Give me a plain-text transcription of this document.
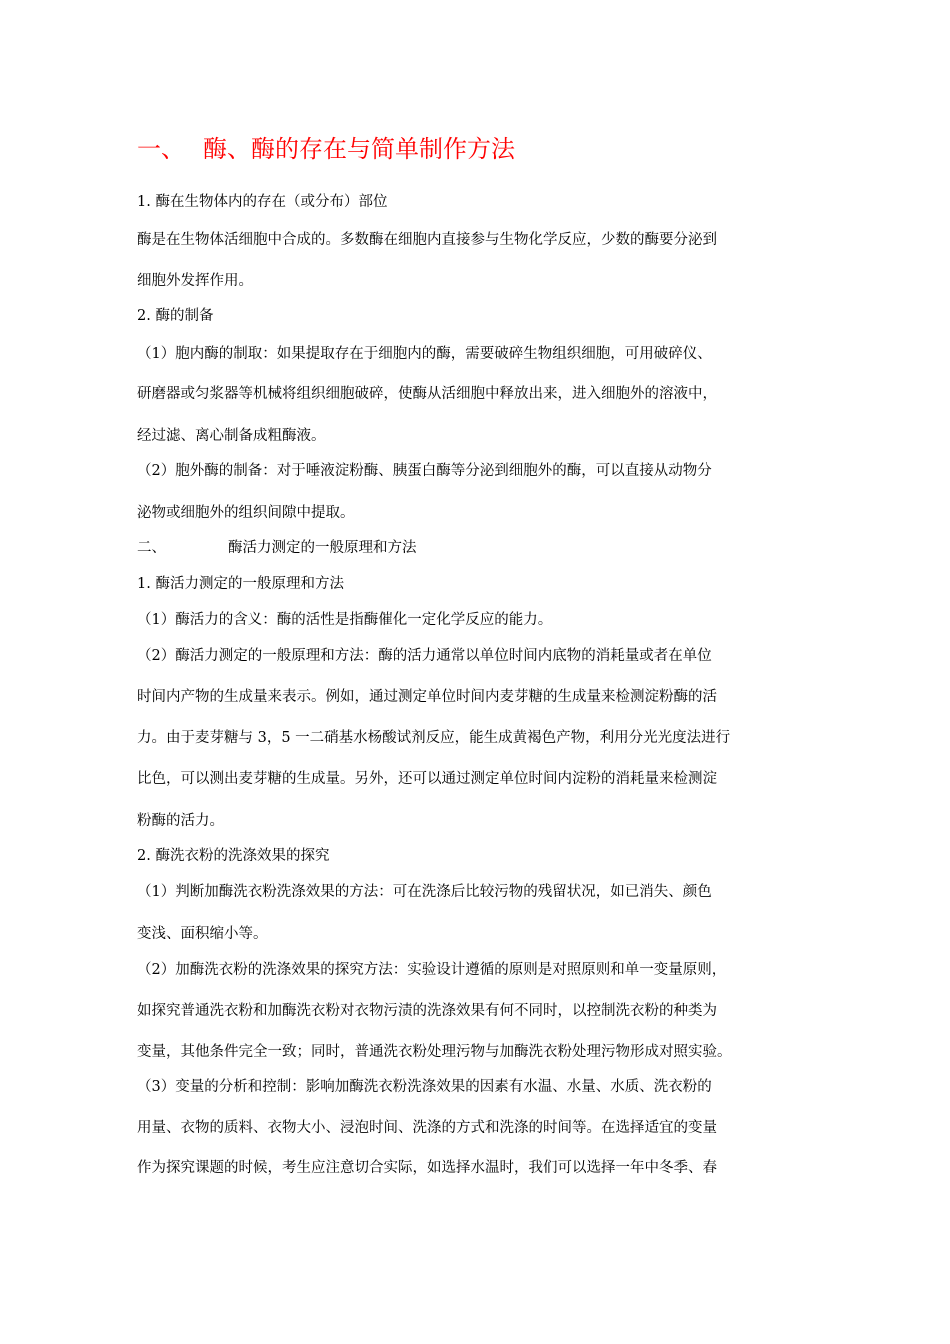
一、 酶、酶的存在与简单制作方法
1. 酶在生物体内的存在（或分布）部位
酶是在生物体活细胞中合成的。多数酶在细胞内直接参与生物化学反应，少数的酶要分泌到
细胞外发挥作用。
2. 酶的制备
（1）胞内酶的制取：如果提取存在于细胞内的酶，需要破碎生物组织细胞，可用破碎仪、
研磨器或匀浆器等机械将组织细胞破碎，使酶从活细胞中释放出来，进入细胞外的溶液中，
经过滤、离心制备成粗酶液。
（2）胞外酶的制备：对于唾液淀粉酶、胰蛋白酶等分泌到细胞外的酶，可以直接从动物分
泌物或细胞外的组织间隙中提取。
二、	酶活力测定的一般原理和方法
1. 酶活力测定的一般原理和方法
（1）酶活力的含义：酶的活性是指酶催化一定化学反应的能力。
（2）酶活力测定的一般原理和方法：酶的活力通常以单位时间内底物的消耗量或者在单位
时间内产物的生成量来表示。例如，通过测定单位时间内麦芽糖的生成量来检测淀粉酶的活
力。由于麦芽糖与 3，5 一二硝基水杨酸试剂反应，能生成黄褐色产物，利用分光光度法进行
比色，可以测出麦芽糖的生成量。另外，还可以通过测定单位时间内淀粉的消耗量来检测淀
粉酶的活力。
2. 酶洗衣粉的洗涤效果的探究
（1）判断加酶洗衣粉洗涤效果的方法：可在洗涤后比较污物的残留状况，如已消失、颜色
变浅、面积缩小等。
（2）加酶洗衣粉的洗涤效果的探究方法：实验设计遵循的原则是对照原则和单一变量原则，
如探究普通洗衣粉和加酶洗衣粉对衣物污渍的洗涤效果有何不同时，以控制洗衣粉的种类为
变量，其他条件完全一致；同时，普通洗衣粉处理污物与加酶洗衣粉处理污物形成对照实验。
（3）变量的分析和控制：影响加酶洗衣粉洗涤效果的因素有水温、水量、水质、洗衣粉的
用量、衣物的质料、衣物大小、浸泡时间、洗涤的方式和洗涤的时间等。在选择适宜的变量
作为探究课题的时候，考生应注意切合实际，如选择水温时，我们可以选择一年中冬季、春
